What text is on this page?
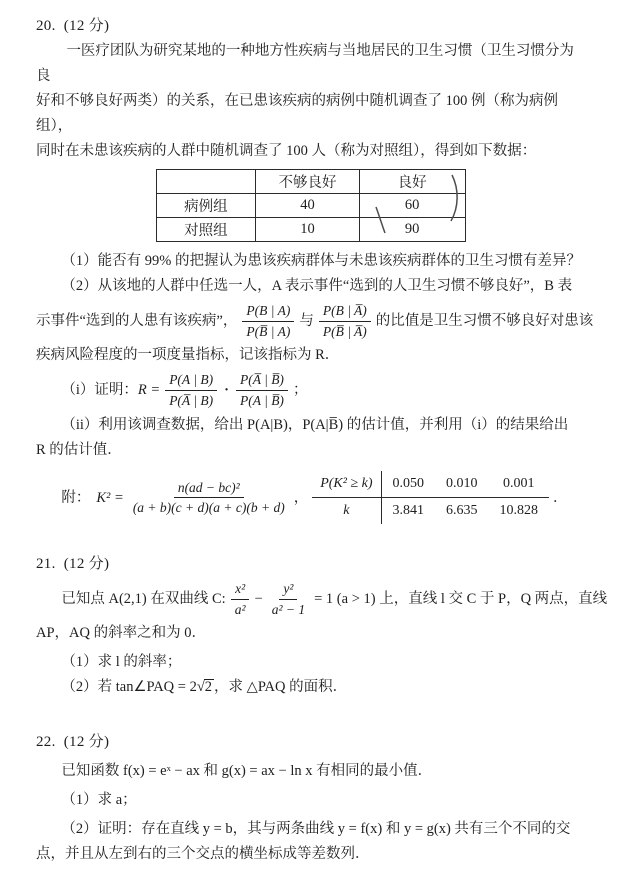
20. (12 分)
一医疗团队为研究某地的一种地方性疾病与当地居民的卫生习惯（卫生习惯分为良
好和不够良好两类）的关系，在已患该疾病的病例中随机调查了 100 例（称为病例组），
同时在未患该疾病的人群中随机调查了 100 人（称为对照组），得到如下数据：
	不够良好	良好
病例组	40	60
对照组	10	90
（1）能否有 99% 的把握认为患该疾病群体与未患该疾病群体的卫生习惯有差异？
（2）从该地的人群中任选一人，A 表示事件“选到的人卫生习惯不够良好”，B 表
示事件“选到的人患有该疾病”， $\frac{P(B | A)}{P(B̅ | A)}$ 与 $\frac{P(B | A̅)}{P(B̅ | A̅)}$ 的比值是卫生习惯不够良好对患该
疾病风险程度的一项度量指标，记该指标为 R．
（i）证明： $R = \frac{P(A | B)}{P(A̅ | B)} \cdot \frac{P(A̅ | B̅)}{P(A | B̅)}$ ；
（ii）利用该调查数据，给出 P(A|B)，P(A|B̅) 的估计值，并利用（i）的结果给出
R 的估计值．
附： $K^2 = \frac{\text{n(ad − bc)²}}{(a + b)(c + d)(a + c)(b + d)}$ ，
P(K² ≥ k)	0.050	0.010	0.001
k	3.841	6.635	10.828
．
21. (12 分)
已知点 A(2,1) 在双曲线 C: $\frac{\text{x²}}{\text{a²}} - \frac{\text{y²}}{\text{a² − 1}} = 1$ (a > 1) 上，直线 l 交 C 于 P，Q 两点，直线
AP，AQ 的斜率之和为 0．
（1）求 l 的斜率；
（2）若 tan∠PAQ = 2√2 ，求 △PAQ 的面积．
22. (12 分)
已知函数 f(x) = eˣ − ax 和 g(x) = ax − ln x 有相同的最小值．
（1）求 a；
（2）证明：存在直线 y = b，其与两条曲线 y = f(x) 和 y = g(x) 共有三个不同的交
点，并且从左到右的三个交点的横坐标成等差数列．
